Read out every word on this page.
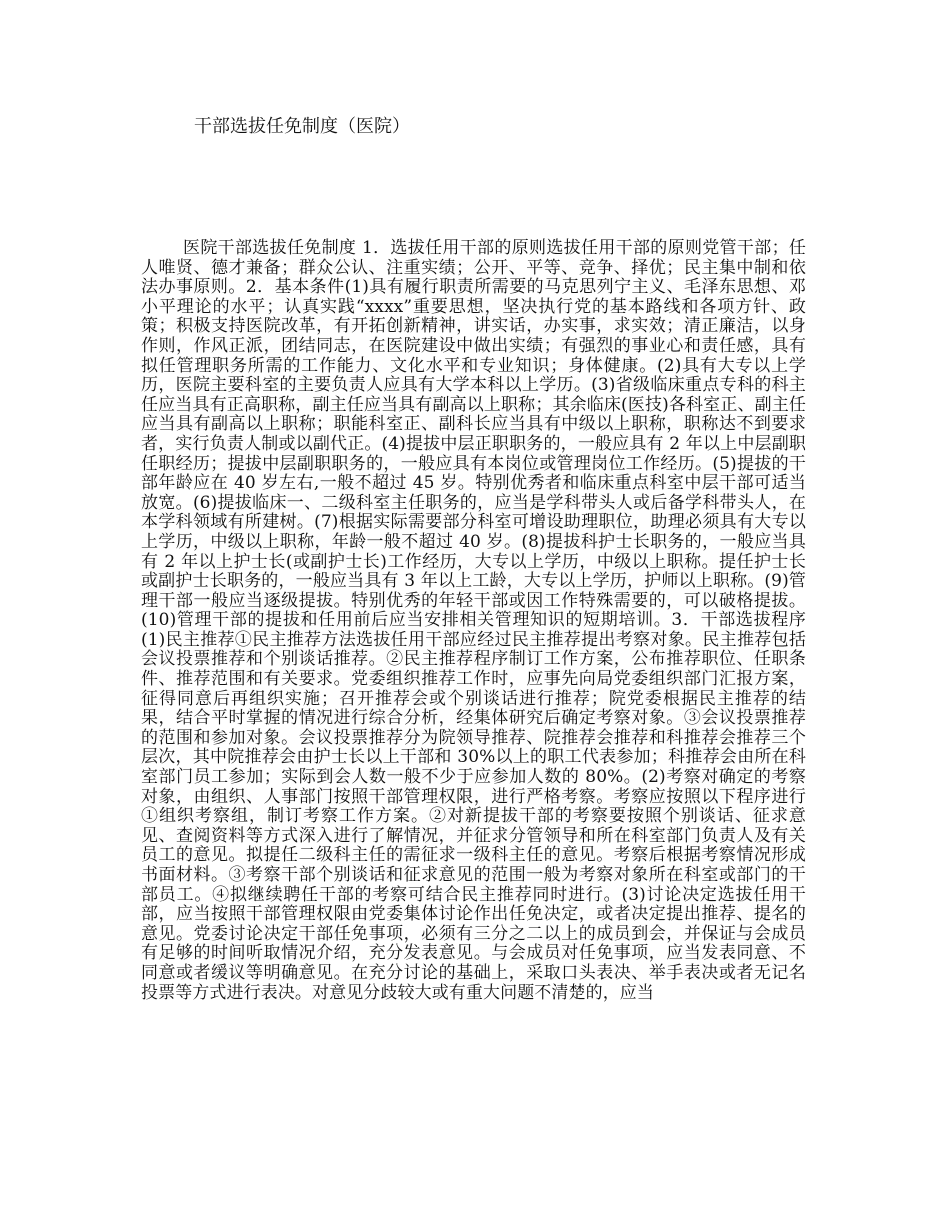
干部选拔任免制度（医院）

医院干部选拔任免制度 1．选拔任用干部的原则选拔任用干部的原则党管干部；任人唯贤、德才兼备；群众公认、注重实绩；公开、平等、竞争、择优；民主集中制和依法办事原则。2．基本条件(1)具有履行职责所需要的马克思列宁主义、毛泽东思想、邓小平理论的水平；认真实践“xxxx”重要思想，坚决执行党的基本路线和各项方针、政策；积极支持医院改革，有开拓创新精神，讲实话，办实事，求实效；清正廉洁，以身作则，作风正派，团结同志，在医院建设中做出实绩；有强烈的事业心和责任感，具有拟任管理职务所需的工作能力、文化水平和专业知识；身体健康。(2)具有大专以上学历，医院主要科室的主要负责人应具有大学本科以上学历。(3)省级临床重点专科的科主任应当具有正高职称，副主任应当具有副高以上职称；其余临床(医技)各科室正、副主任应当具有副高以上职称；职能科室正、副科长应当具有中级以上职称，职称达不到要求者，实行负责人制或以副代正。(4)提拔中层正职职务的，一般应具有 2 年以上中层副职任职经历；提拔中层副职职务的，一般应具有本岗位或管理岗位工作经历。(5)提拔的干部年龄应在 40 岁左右,一般不超过 45 岁。特别优秀者和临床重点科室中层干部可适当放宽。(6)提拔临床一、二级科室主任职务的，应当是学科带头人或后备学科带头人，在本学科领域有所建树。(7)根据实际需要部分科室可增设助理职位，助理必须具有大专以上学历，中级以上职称，年龄一般不超过 40 岁。(8)提拔科护士长职务的，一般应当具有 2 年以上护士长(或副护士长)工作经历，大专以上学历，中级以上职称。提任护士长或副护士长职务的，一般应当具有 3 年以上工龄，大专以上学历，护师以上职称。(9)管理干部一般应当逐级提拔。特别优秀的年轻干部或因工作特殊需要的，可以破格提拔。(10)管理干部的提拔和任用前后应当安排相关管理知识的短期培训。3．干部选拔程序(1)民主推荐①民主推荐方法选拔任用干部应经过民主推荐提出考察对象。民主推荐包括会议投票推荐和个别谈话推荐。②民主推荐程序制订工作方案，公布推荐职位、任职条件、推荐范围和有关要求。党委组织推荐工作时，应事先向局党委组织部门汇报方案，征得同意后再组织实施；召开推荐会或个别谈话进行推荐；院党委根据民主推荐的结果，结合平时掌握的情况进行综合分析，经集体研究后确定考察对象。③会议投票推荐的范围和参加对象。会议投票推荐分为院领导推荐、院推荐会推荐和科推荐会推荐三个层次，其中院推荐会由护士长以上干部和 30%以上的职工代表参加；科推荐会由所在科室部门员工参加；实际到会人数一般不少于应参加人数的 80%。(2)考察对确定的考察对象，由组织、人事部门按照干部管理权限，进行严格考察。考察应按照以下程序进行①组织考察组，制订考察工作方案。②对新提拔干部的考察要按照个别谈话、征求意见、查阅资料等方式深入进行了解情况，并征求分管领导和所在科室部门负责人及有关员工的意见。拟提任二级科主任的需征求一级科主任的意见。考察后根据考察情况形成书面材料。③考察干部个别谈话和征求意见的范围一般为考察对象所在科室或部门的干部员工。④拟继续聘任干部的考察可结合民主推荐同时进行。(3)讨论决定选拔任用干部，应当按照干部管理权限由党委集体讨论作出任免决定，或者决定提出推荐、提名的意见。党委讨论决定干部任免事项，必须有三分之二以上的成员到会，并保证与会成员有足够的时间听取情况介绍，充分发表意见。与会成员对任免事项，应当发表同意、不同意或者缓议等明确意见。在充分讨论的基础上，采取口头表决、举手表决或者无记名投票等方式进行表决。对意见分歧较大或有重大问题不清楚的，应当
